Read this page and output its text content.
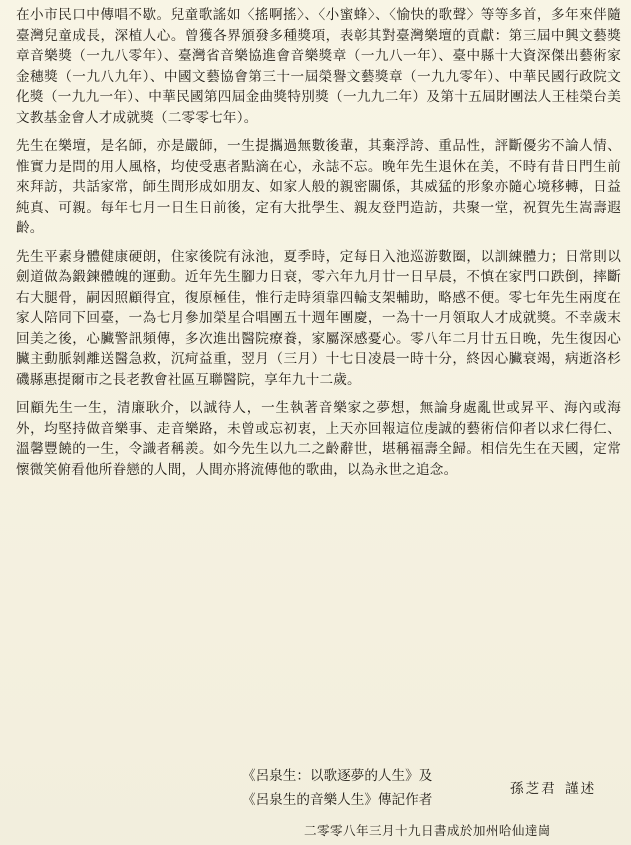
在小市民口中傳唱不歇。兒童歌謠如〈搖啊搖〉、〈小蜜蜂〉、〈愉快的歌聲〉等等多首，多年來伴隨臺灣兒童成長，深植人心。曾獲各界頒發多種獎項，表彰其對臺灣樂壇的貢獻：第三屆中興文藝獎章音樂獎（一九八零年）、臺灣省音樂協進會音樂獎章（一九八一年）、臺中縣十大資深傑出藝術家金穗獎（一九八九年）、中國文藝協會第三十一屆榮譽文藝獎章（一九九零年）、中華民國行政院文化獎（一九九一年）、中華民國第四屆金曲獎特別獎（一九九二年）及第十五屆財團法人王桂榮台美文教基金會人才成就獎（二零零七年）。

先生在樂壇，是名師，亦是嚴師，一生提攜過無數後輩，其棄浮誇、重品性，評斷優劣不論人情、惟實力是問的用人風格，均使受惠者點滴在心，永誌不忘。晚年先生退休在美，不時有昔日門生前來拜訪，共話家常，師生間形成如朋友、如家人般的親密關係，其威猛的形象亦隨心境移轉，日益純真、可親。每年七月一日生日前後，定有大批學生、親友登門造訪，共聚一堂，祝賀先生嵩壽遐齡。

先生平素身體健康硬朗，住家後院有泳池，夏季時，定每日入池巡游數圈，以訓練體力；日常則以劍道做為鍛鍊體魄的運動。近年先生腳力日衰，零六年九月廿一日早晨，不慎在家門口跌倒，摔斷右大腿骨，嗣因照顧得宜，復原極佳，惟行走時須靠四輪支架輔助，略感不便。零七年先生兩度在家人陪同下回臺，一為七月參加榮星合唱團五十週年團慶，一為十一月領取人才成就獎。不幸歲末回美之後，心臟警訊頻傳，多次進出醫院療養，家屬深感憂心。零八年二月廿五日晚，先生復因心臟主動脈剝離送醫急救，沉疴益重，翌月（三月）十七日凌晨一時十分，終因心臟衰竭，病逝洛杉磯縣惠提爾市之長老教會社區互聯醫院，享年九十二歲。

回顧先生一生，清廉耿介，以誠待人，一生執著音樂家之夢想，無論身處亂世或昇平、海內或海外，均堅持做音樂事、走音樂路，未曾或忘初衷，上天亦回報這位虔誠的藝術信仰者以求仁得仁、溫馨豐饒的一生，令識者稱羨。如今先生以九二之齡辭世，堪稱福壽全歸。相信先生在天國，定常懷微笑俯看他所眷戀的人間，人間亦將流傳他的歌曲，以為永世之追念。

《呂泉生：以歌逐夢的人生》及
《呂泉生的音樂人生》傳記作者
孫芝君 謹述
二零零八年三月十九日書成於加州哈仙達崗
